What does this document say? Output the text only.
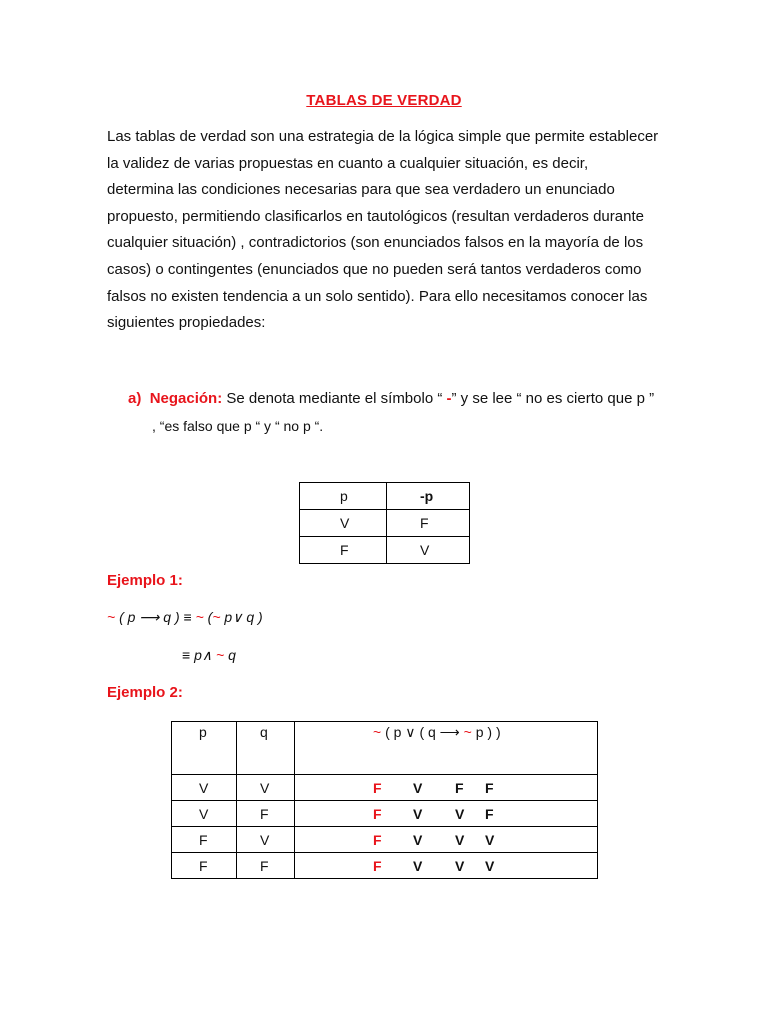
TABLAS DE VERDAD
Las tablas de verdad son una estrategia de la lógica simple que permite establecer
la validez de varias propuestas en cuanto a cualquier situación, es decir,
determina las condiciones necesarias para que sea verdadero un enunciado
propuesto, permitiendo clasificarlos en tautológicos (resultan verdaderos durante
cualquier situación) , contradictorios (son enunciados falsos en la mayoría de los
casos) o contingentes (enunciados que no pueden será tantos verdaderos como
falsos no existen tendencia a un solo sentido). Para ello necesitamos conocer las
siguientes propiedades:
a) Negación: Se denota mediante el símbolo “ -” y se lee “ no es cierto que p ”
, “es falso que p “ y “ no p “.
p	-p
V	F
F	V
Ejemplo 1:
~ ( p ⟶ q ) ≡ ~ (~ p∨ q )
≡ p∧ ~ q
Ejemplo 2:
p	q	~ ( p ∨ ( q ⟶ ~ p ) )
V	V	F V F F
V	F	F V V F
F	V	F V V V
F	F	F V V V
